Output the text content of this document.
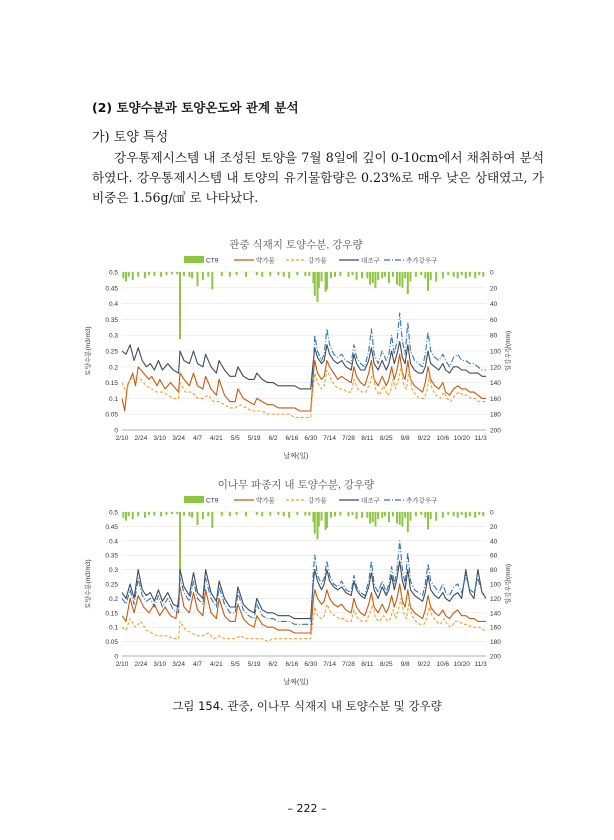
(2) 토양수분과 토양온도와 관계 분석
가) 토양 특성
강우통제시스템 내 조성된 토양을 7월 8일에 깊이 0-10cm에서 채취하여 분석하였다. 강우통제시스템 내 토양의 유기물함량은 0.23%로 매우 낮은 상태였고, 가비중은 1.56g/㎤ 로 나타났다.
관중 식재지 토양수분, 강우량
CT9	약가뭄	강가뭄	대조구	추가강우구
0
0.05
0.1
0.15
0.2
0.25
0.3
0.35
0.4
0.45
0.5	0
20
40
60
80
100
120
140
160
180
200
2/10 2/24 3/10 3/24 4/7 4/21 5/5 5/19 6/2 6/16 6/30 7/14 7/28 8/11 8/25 9/8 9/22 10/6 10/20 11/3
날짜(일)
토양수분(m3/m3)	일강우량(mm)
이나무 파종지 내 토양수분, 강우량
CT9	약가뭄	강가뭄	대조구	추가강우구
0
0.05
0.1
0.15
0.2
0.25
0.3
0.35
0.4
0.45
0.5	0
20
40
60
80
100
120
140
160
180
200
2/10 2/24 3/10 3/24 4/7 4/21 5/5 5/19 6/2 6/16 6/30 7/14 7/28 8/11 8/25 9/8 9/22 10/6 10/20 11/3
날짜(일)
토양수분(m3/m3)	일강우량(mm)
그림 154. 관중, 이나무 식재지 내 토양수분 및 강우량
– 222 –
